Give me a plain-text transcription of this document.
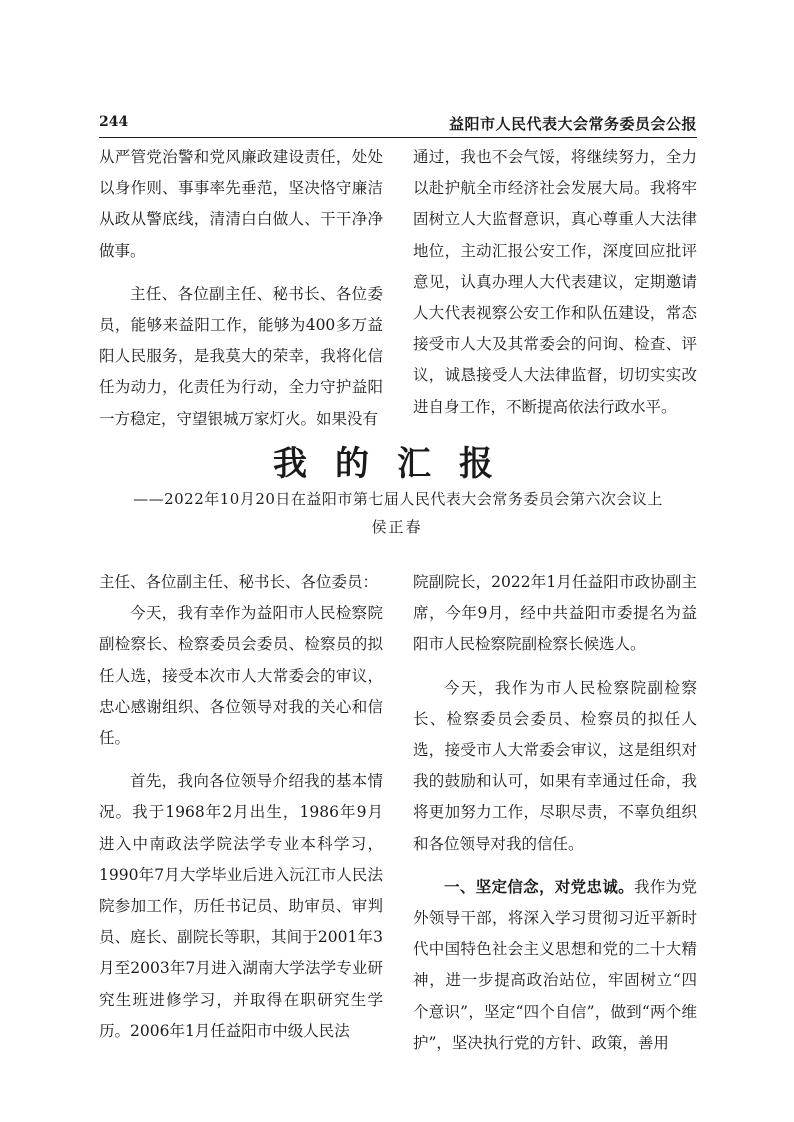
244	益阳市人民代表大会常务委员会公报

从严管党治警和党风廉政建设责任，处处以身作则、事事率先垂范，坚决恪守廉洁从政从警底线，清清白白做人、干干净净做事。

主任、各位副主任、秘书长、各位委员，能够来益阳工作，能够为400多万益阳人民服务，是我莫大的荣幸，我将化信任为动力，化责任为行动，全力守护益阳一方稳定，守望银城万家灯火。如果没有

通过，我也不会气馁，将继续努力，全力以赴护航全市经济社会发展大局。我将牢固树立人大监督意识，真心尊重人大法律地位，主动汇报公安工作，深度回应批评意见，认真办理人大代表建议，定期邀请人大代表视察公安工作和队伍建设，常态接受市人大及其常委会的问询、检查、评议，诚恳接受人大法律监督，切切实实改进自身工作，不断提高依法行政水平。

我的汇报
——2022年10月20日在益阳市第七届人民代表大会常务委员会第六次会议上
侯正春

主任、各位副主任、秘书长、各位委员：

今天，我有幸作为益阳市人民检察院副检察长、检察委员会委员、检察员的拟任人选，接受本次市人大常委会的审议，忠心感谢组织、各位领导对我的关心和信任。

首先，我向各位领导介绍我的基本情况。我于1968年2月出生，1986年9月进入中南政法学院法学专业本科学习，1990年7月大学毕业后进入沅江市人民法院参加工作，历任书记员、助审员、审判员、庭长、副院长等职，其间于2001年3月至2003年7月进入湖南大学法学专业研究生班进修学习，并取得在职研究生学历。2006年1月任益阳市中级人民法

院副院长，2022年1月任益阳市政协副主席，今年9月，经中共益阳市委提名为益阳市人民检察院副检察长候选人。

今天，我作为市人民检察院副检察长、检察委员会委员、检察员的拟任人选，接受市人大常委会审议，这是组织对我的鼓励和认可，如果有幸通过任命，我将更加努力工作，尽职尽责，不辜负组织和各位领导对我的信任。

一、坚定信念，对党忠诚。我作为党外领导干部，将深入学习贯彻习近平新时代中国特色社会主义思想和党的二十大精神，进一步提高政治站位，牢固树立“四个意识”，坚定“四个自信”，做到“两个维护”，坚决执行党的方针、政策，善用
